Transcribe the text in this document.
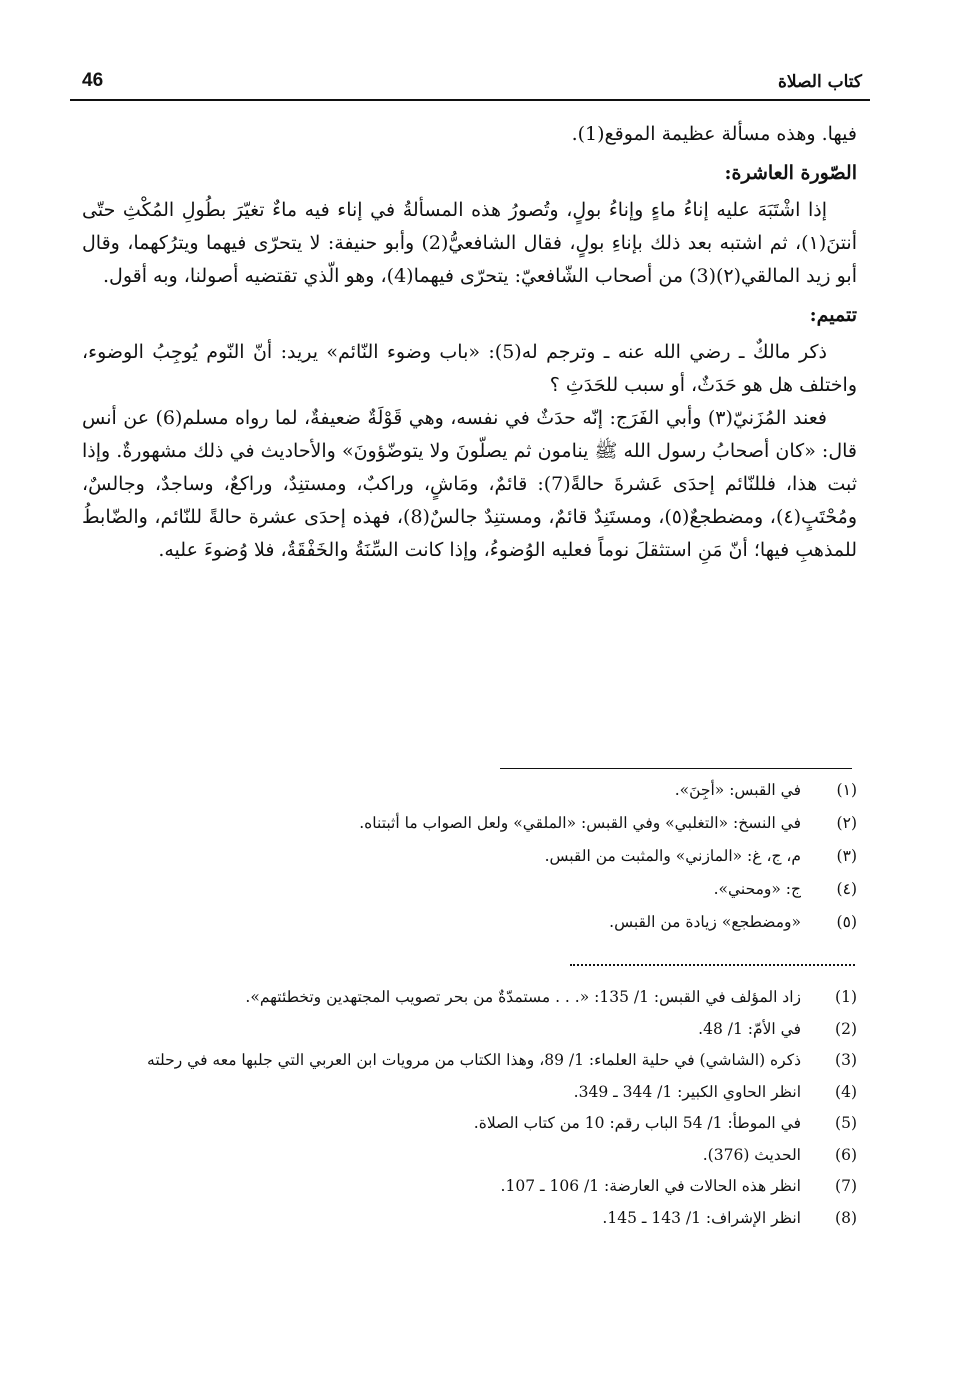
46	كتاب الصلاة

فيها. وهذه مسألة عظيمة الموقع(1).

الصّورة العاشرة:

إذا اشْتَبَهَ عليه إناءُ ماءٍ وإناءُ بولٍ، وتُصورُ هذه المسألةُ في إناء فيه ماءٌ تغيّرَ بطُولِ المُكْثِ حتّى أنتنَ(١)، ثم اشتبه بعد ذلك بإناءِ بولٍ، فقال الشافعيُّ(2) وأبو حنيفة: لا يتحرّى فيهما ويترُكهما، وقال أبو زيد المالقي(٢)(3) من أصحاب الشّافعيّ: يتحرّى فيهما(4)، وهو الّذي تقتضيه أصولنا، وبه أقول.

تتميم:

ذكر مالكٌ ـ رضي الله عنه ـ وترجم له(5): «باب وضوء النّائم» يريد: أنّ النّوم يُوجِبُ الوضوء، واختلف هل هو حَدَثٌ، أو سبب للحَدَثِ ؟

فعند المُزَنيّ(٣) وأبي الفَرَج: إنّه حدَثٌ في نفسه، وهي قَوْلَةٌ ضعيفةٌ، لما رواه مسلم(6) عن أنس قال: «كان أصحابُ رسول الله ﷺ ينامون ثم يصلّونَ ولا يتوضّؤونَ» والأحاديث في ذلك مشهورةٌ. وإذا ثبت هذا، فللنّائم إحدَى عَشرةَ حالةً(7): قائمٌ، ومَاشٍ، وراكبٌ، ومستنِدٌ، وراكعٌ، وساجدٌ، وجالسٌ، ومُحْتَبٍ(٤)، ومضطجعٌ(٥)، ومستَنِدٌ قائمٌ، ومستنِدٌ جالسٌ(8)، فهذه إحدَى عشرة حالةً للنّائم، والضّابطُ للمذهبِ فيها؛ أنّ مَنِ استثقلَ نوماً فعليه الوُضوءُ، وإذا كانت السِّنَةُ والخَفْقَةُ، فلا وُضوءَ عليه.

(١)
في القبس: «أجِنَ».
(٢)
في النسخ: «التغلبي» وفي القبس: «الملقي» ولعل الصواب ما أثبتناه.
(٣)
م، ج، غ: «المازني» والمثبت من القبس.
(٤)
ج: «ومحني».
(٥)
«ومضطجع» زيادة من القبس.
(1)
زاد المؤلف في القبس: 1/ 135: «. . . مستمدّةٌ من بحر تصويب المجتهدين وتخطئتهم».
(2)
في الأمّ: 1/ 48.
(3)
ذكره (الشاشي) في حلية العلماء: 1/ 89، وهذا الكتاب من مرويات ابن العربي التي جلبها معه في رحلته
(4)
انظر الحاوي الكبير: 1/ 344 ـ 349.
(5)
في الموطأ: 1/ 54 الباب رقم: 10 من كتاب الصلاة.
(6)
الحديث (376).
(7)
انظر هذه الحالات في العارضة: 1/ 106 ـ 107.
(8)
انظر الإشراف: 1/ 143 ـ 145.
